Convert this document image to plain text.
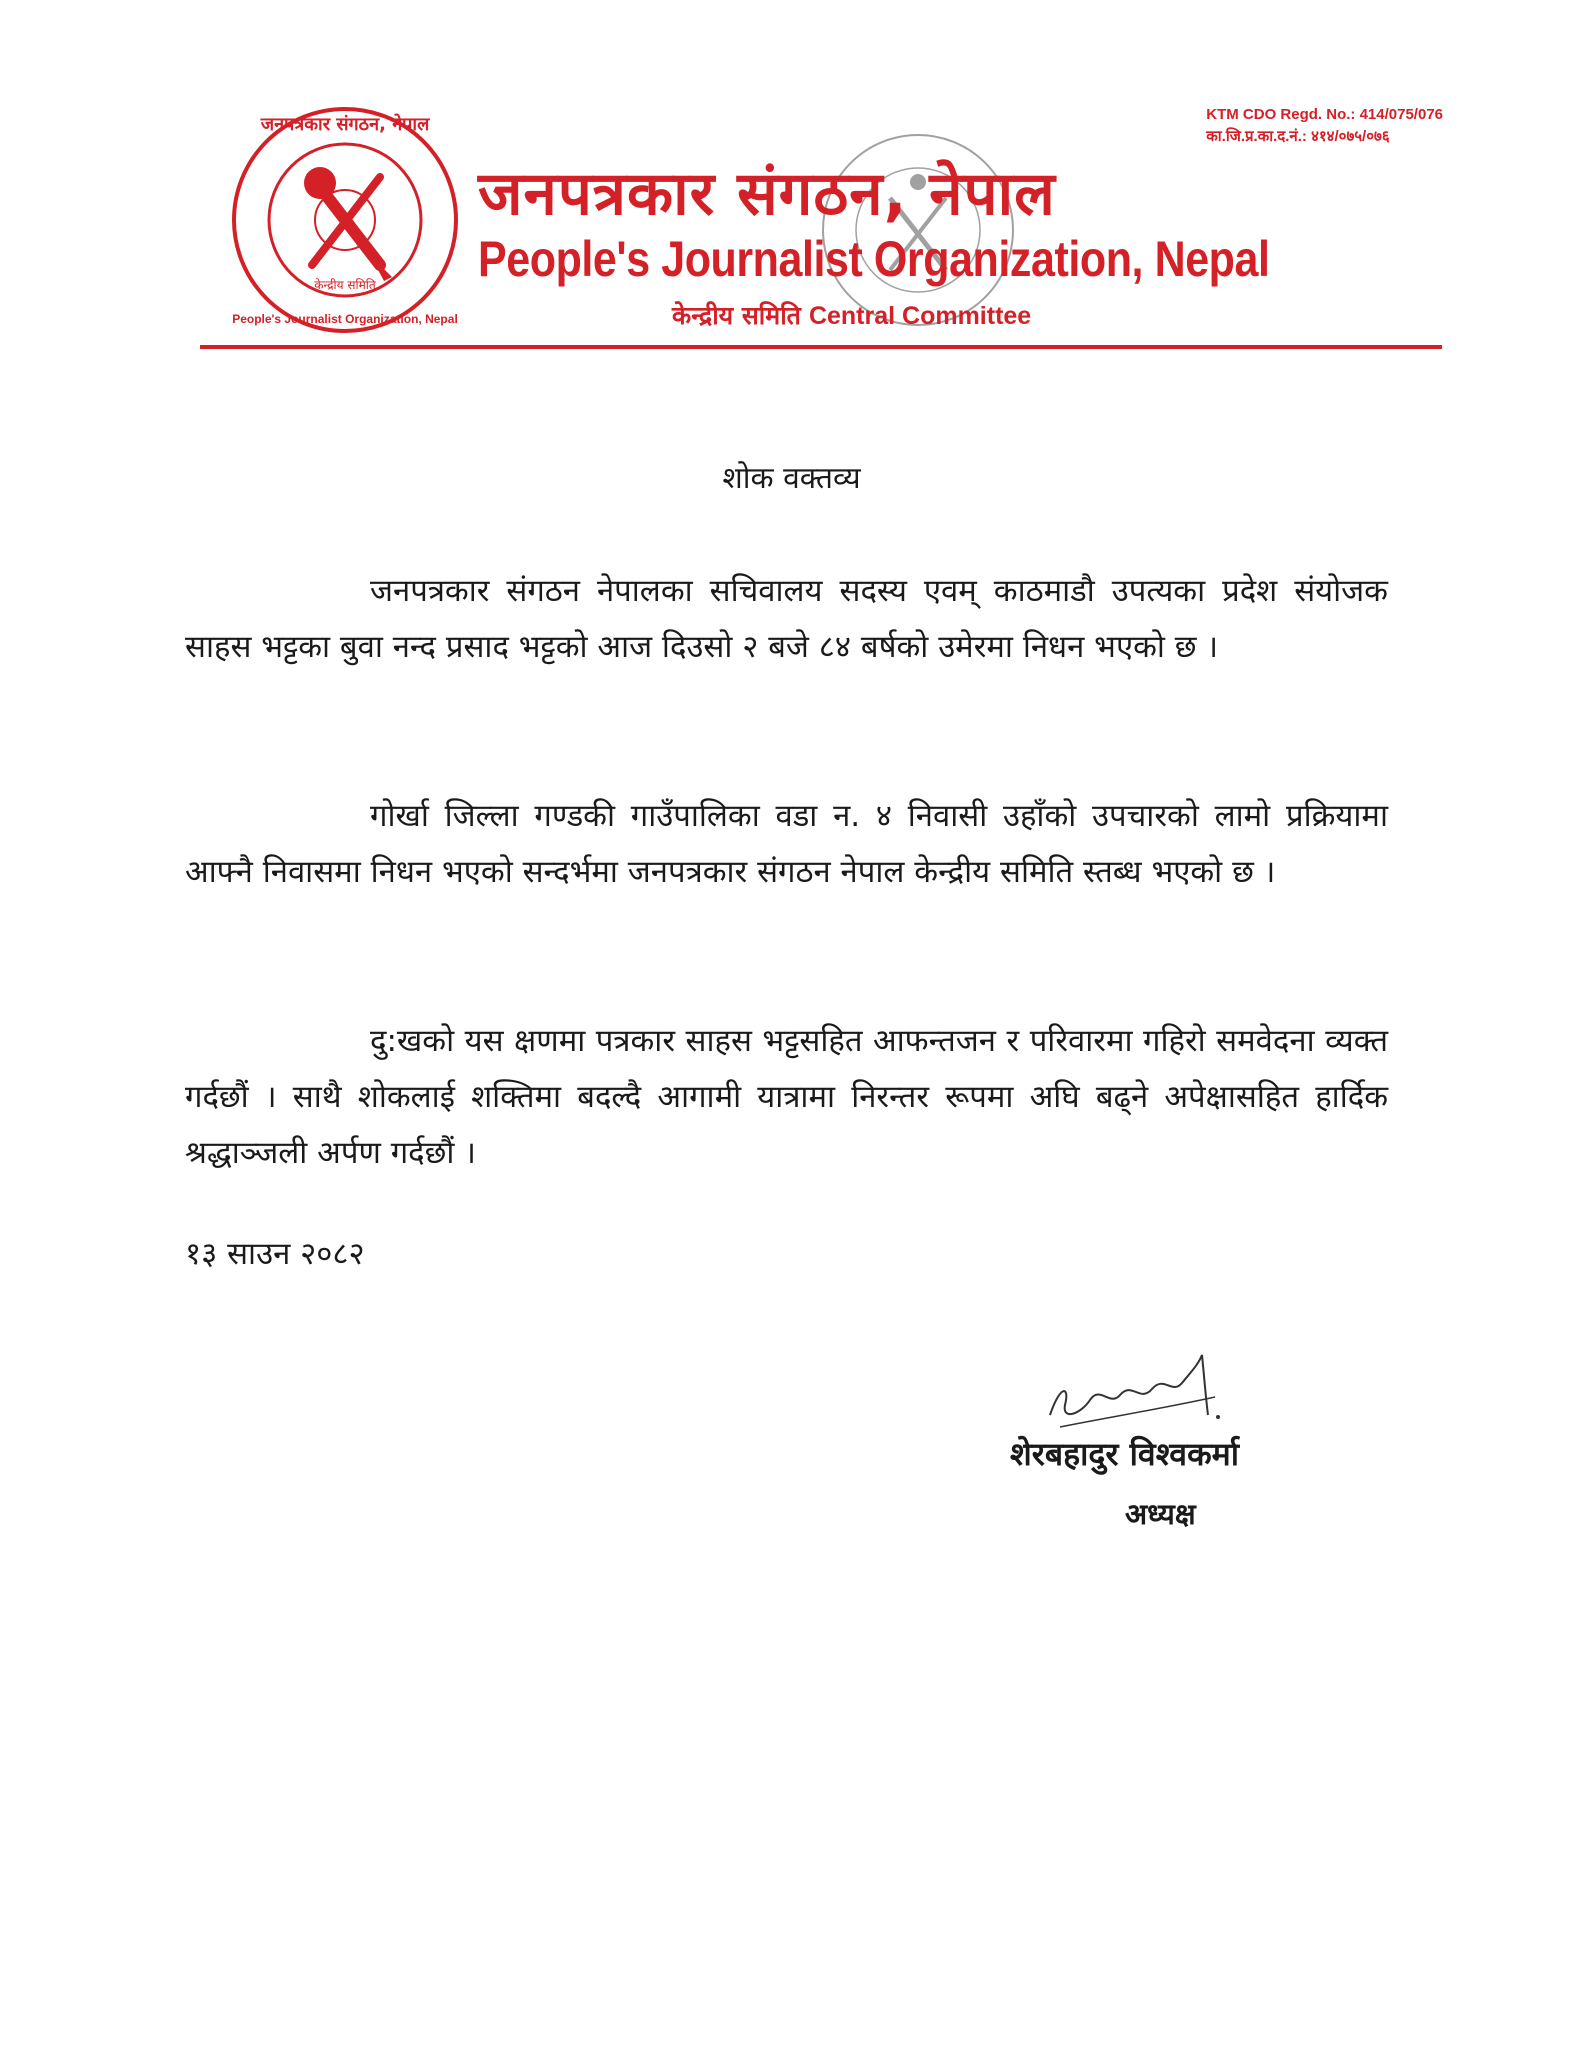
जनपत्रकार संगठन, नेपाल
People's Journalist Organization, Nepal
केन्द्रीय समिति
KTM CDO Regd. No.: 414/075/076
का.जि.प्र.का.द.नं.: ४१४/०७५/०७६
जनपत्रकार संगठन, नेपाल
People's Journalist Organization, Nepal
केन्द्रीय समिति Central Committee
शोक वक्तव्य

जनपत्रकार संगठन नेपालका सचिवालय सदस्य एवम् काठमाडौ उपत्यका प्रदेश संयोजक साहस भट्टका बुवा नन्द प्रसाद भट्टको आज दिउसो २ बजे ८४ बर्षको उमेरमा निधन भएको छ ।

गोर्खा जिल्ला गण्डकी गाउँपालिका वडा न. ४ निवासी उहाँको उपचारको लामो प्रक्रियामा आफ्नै निवासमा निधन भएको सन्दर्भमा जनपत्रकार संगठन नेपाल केन्द्रीय समिति स्तब्ध भएको छ ।

दु:खको यस क्षणमा पत्रकार साहस भट्टसहित आफन्तजन र परिवारमा गहिरो समवेदना व्यक्त गर्दछौं । साथै शोकलाई शक्तिमा बदल्दै आगामी यात्रामा निरन्तर रूपमा अघि बढ्ने अपेक्षासहित हार्दिक श्रद्धाञ्जली अर्पण गर्दछौं ।

१३ साउन २०८२
शेरबहादुर विश्वकर्मा
अध्यक्ष
